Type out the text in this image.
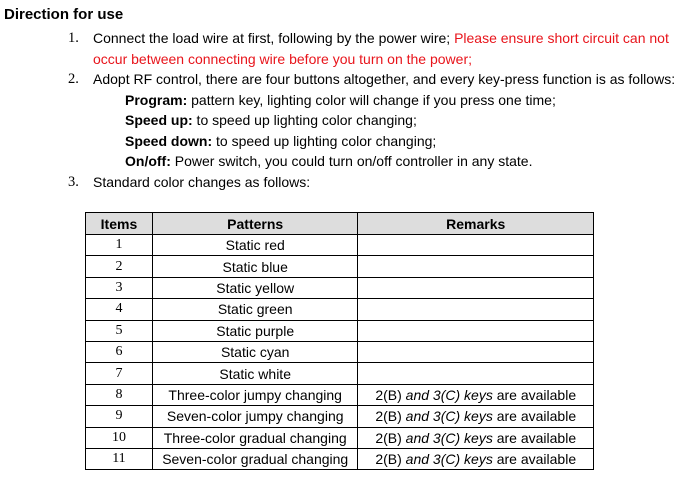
Direction for use
1. Connect the load wire at first, following by the power wire; Please ensure short circuit can not
occur between connecting wire before you turn on the power;
2. Adopt RF control, there are four buttons altogether, and every key-press function is as follows:
Program: pattern key, lighting color will change if you press one time;
Speed up: to speed up lighting color changing;
Speed down: to speed up lighting color changing;
On/off: Power switch, you could turn on/off controller in any state.
3. Standard color changes as follows:
Items	Patterns	Remarks
1	Static red	
2	Static blue	
3	Static yellow	
4	Static green	
5	Static purple	
6	Static cyan	
7	Static white	
8	Three-color jumpy changing	2(B) and 3(C) keys are available
9	Seven-color jumpy changing	2(B) and 3(C) keys are available
10	Three-color gradual changing	2(B) and 3(C) keys are available
11	Seven-color gradual changing	2(B) and 3(C) keys are available
